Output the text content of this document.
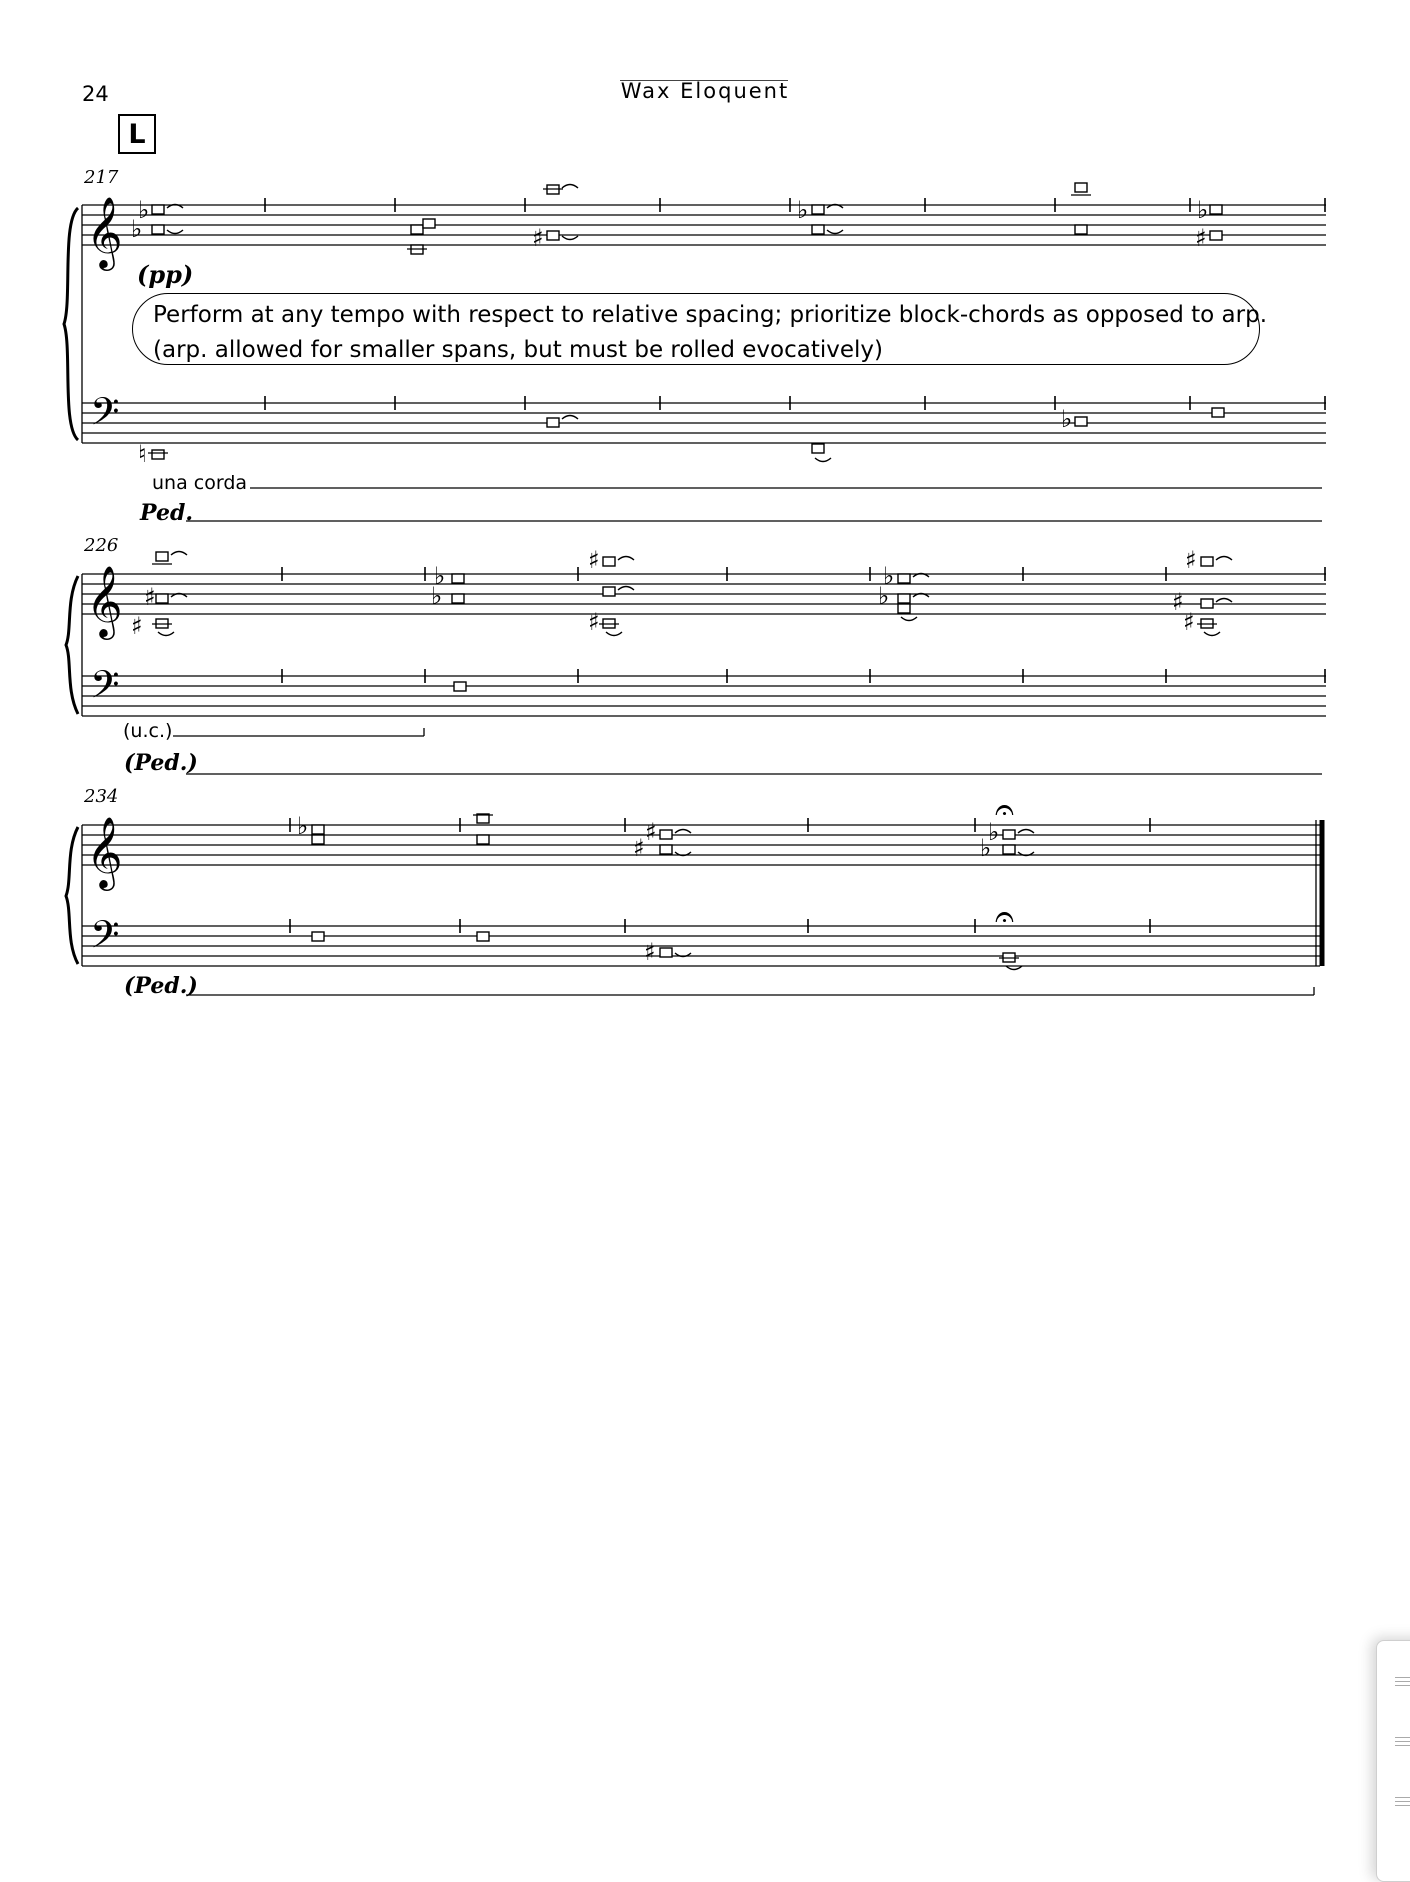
24	Wax Eloquent
L
217
226
234
(pp)
Perform at any tempo with respect to relative spacing; prioritize block-chords as opposed to arp.
(arp. allowed for smaller spans, but must be rolled evocatively)
una corda
Ped.
(u.c.)
(Ped.)
(Ped.)
𝄞
𝄢
𝄞
𝄢
𝄞
𝄢
♭
♭	♯
♭	♭
♯
♮
♭
♯
♯
♭
♭
♯
♯
♭
♭
♯
♯
♯
♭	♯
♯
♭
♭
♯
𝄐
𝄐
